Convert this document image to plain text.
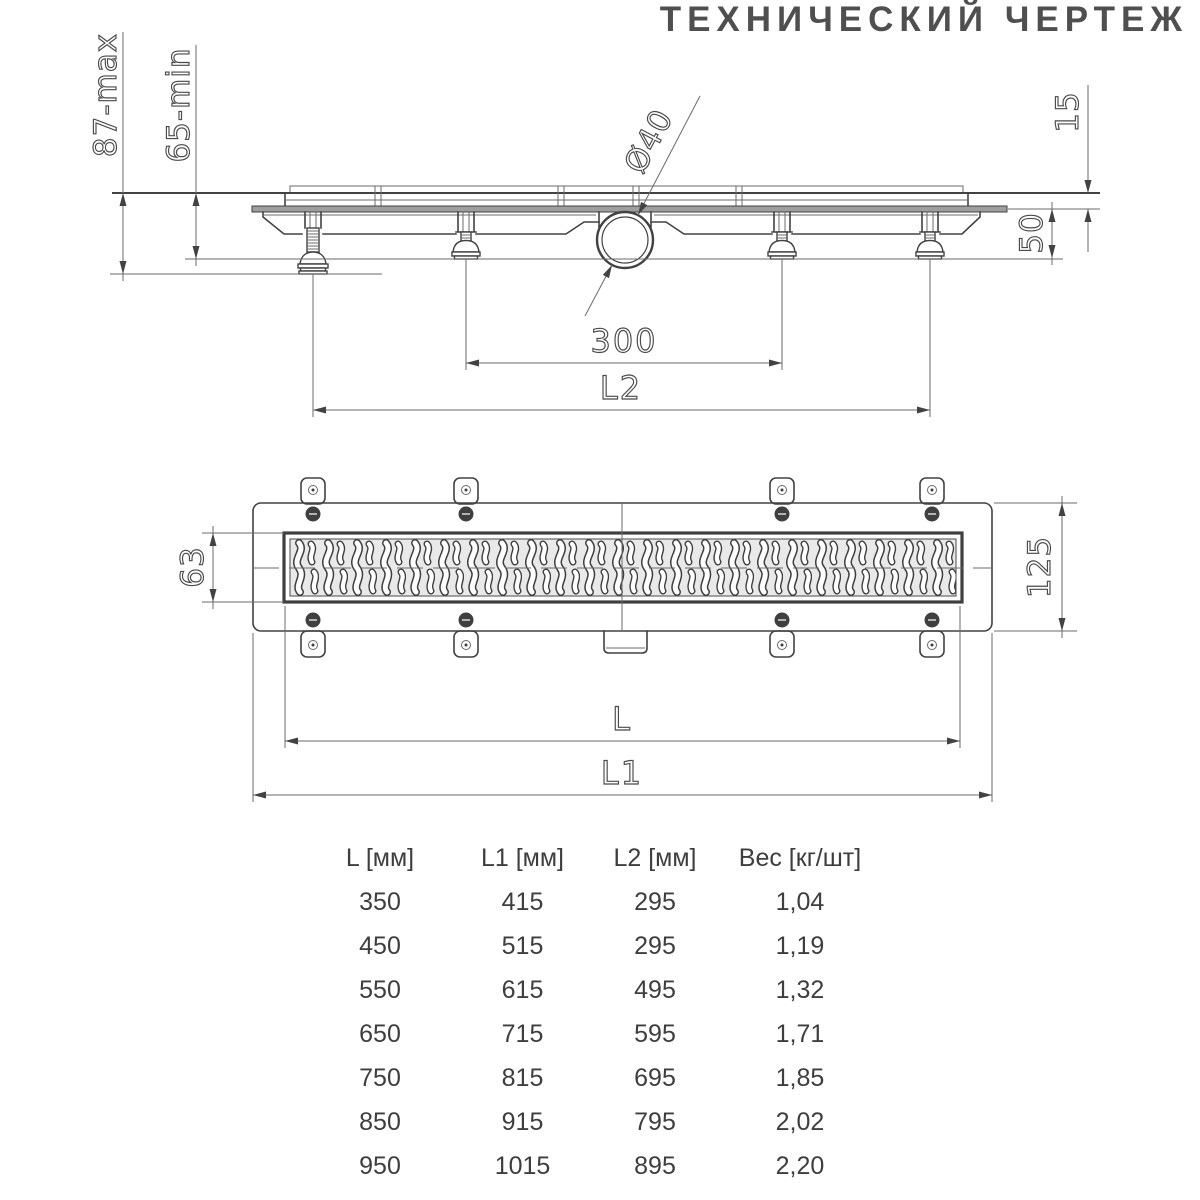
ТЕХНИЧЕСКИЙ ЧЕРТЕЖ
87-max 65-min	15
50
Ø40
300
L2
63	125
L
L1
L [мм]	L1 [мм]	L2 [мм]	Вес [кг/шт]
350	415	295	1,04
450	515	295	1,19
550	615	495	1,32
650	715	595	1,71
750	815	695	1,85
850	915	795	2,02
950	1015	895	2,20
